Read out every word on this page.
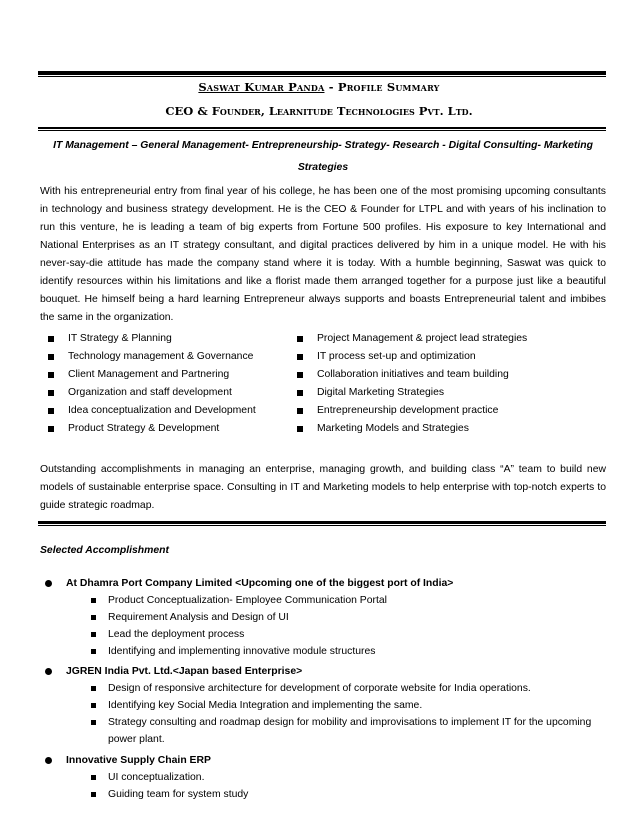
Saswat Kumar Panda - Profile Summary
CEO & Founder, Learnitude Technologies Pvt. Ltd.
IT Management – General Management- Entrepreneurship- Strategy- Research - Digital Consulting- Marketing Strategies
With his entrepreneurial entry from final year of his college, he has been one of the most promising upcoming consultants in technology and business strategy development. He is the CEO & Founder for LTPL and with years of his inclination to run this venture, he is leading a team of big experts from Fortune 500 profiles. His exposure to key International and National Enterprises as an IT strategy consultant, and digital practices delivered by him in a unique model. He with his never-say-die attitude has made the company stand where it is today. With a humble beginning, Saswat was quick to identify resources within his limitations and like a florist made them arranged together for a purpose just like a beautiful bouquet. He himself being a hard learning Entrepreneur always supports and boasts Entrepreneurial talent and imbibes the same in the organization.
IT Strategy & Planning
Technology management & Governance
Client Management and Partnering
Organization and staff development
Idea conceptualization and Development
Product Strategy & Development
Project Management & project lead strategies
IT process set-up and optimization
Collaboration initiatives and team building
Digital Marketing Strategies
Entrepreneurship development practice
Marketing Models and Strategies
Outstanding accomplishments in managing an enterprise, managing growth, and building class “A” team to build new models of sustainable enterprise space. Consulting in IT and Marketing models to help enterprise with top-notch experts to guide strategic roadmap.
Selected Accomplishment
At Dhamra Port Company Limited <Upcoming one of the biggest port of India>
Product Conceptualization- Employee Communication Portal
Requirement Analysis and Design of UI
Lead the deployment process
Identifying and implementing innovative module structures
JGREN India Pvt. Ltd.<Japan based Enterprise>
Design of responsive architecture for development of corporate website for India operations.
Identifying key Social Media Integration and implementing the same.
Strategy consulting and roadmap design for mobility and improvisations to implement IT for the upcoming power plant.
Innovative Supply Chain ERP
UI conceptualization.
Guiding team for system study
